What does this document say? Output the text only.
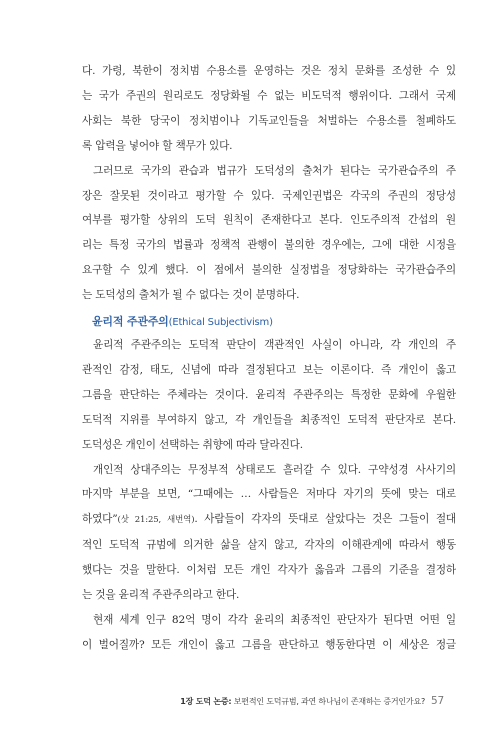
다. 가령, 북한이 정치범 수용소를 운영하는 것은 정치 문화를 조성한 수 있
는 국가 주권의 원리로도 정당화될 수 없는 비도덕적 행위이다. 그래서 국제
사회는 북한 당국이 정치범이나 기독교인들을 처벌하는 수용소를 철폐하도
록 압력을 넣어야 할 책무가 있다.

그러므로 국가의 관습과 법규가 도덕성의 출처가 된다는 국가관습주의 주
장은 잘못된 것이라고 평가할 수 있다. 국제인권법은 각국의 주권의 정당성
여부를 평가할 상위의 도덕 원칙이 존재한다고 본다. 인도주의적 간섭의 원
리는 특정 국가의 법률과 정책적 관행이 불의한 경우에는, 그에 대한 시정을
요구할 수 있게 했다. 이 점에서 불의한 실정법을 정당화하는 국가관습주의
는 도덕성의 출처가 될 수 없다는 것이 분명하다.

윤리적 주관주의(Ethical Subjectivism)

윤리적 주관주의는 도덕적 판단이 객관적인 사실이 아니라, 각 개인의 주
관적인 감정, 태도, 신념에 따라 결정된다고 보는 이론이다. 즉 개인이 옳고
그름을 판단하는 주체라는 것이다. 윤리적 주관주의는 특정한 문화에 우월한
도덕적 지위를 부여하지 않고, 각 개인들을 최종적인 도덕적 판단자로 본다.
도덕성은 개인이 선택하는 취향에 따라 달라진다.

개인적 상대주의는 무정부적 상태로도 흘러갈 수 있다. 구약성경 사사기의
마지막 부분을 보면, “그때에는 … 사람들은 저마다 자기의 뜻에 맞는 대로
하였다”(삿 21:25, 새번역). 사람들이 각자의 뜻대로 살았다는 것은 그들이 절대
적인 도덕적 규범에 의거한 삶을 살지 않고, 각자의 이해관계에 따라서 행동
했다는 것을 말한다. 이처럼 모든 개인 각자가 옳음과 그름의 기준을 결정하
는 것을 윤리적 주관주의라고 한다.

현재 세계 인구 82억 명이 각각 윤리의 최종적인 판단자가 된다면 어떤 일
이 벌어질까? 모든 개인이 옳고 그름을 판단하고 행동한다면 이 세상은 정글

1장 도덕 논증: 보편적인 도덕규범, 과연 하나님이 존재하는 증거인가요? 57
